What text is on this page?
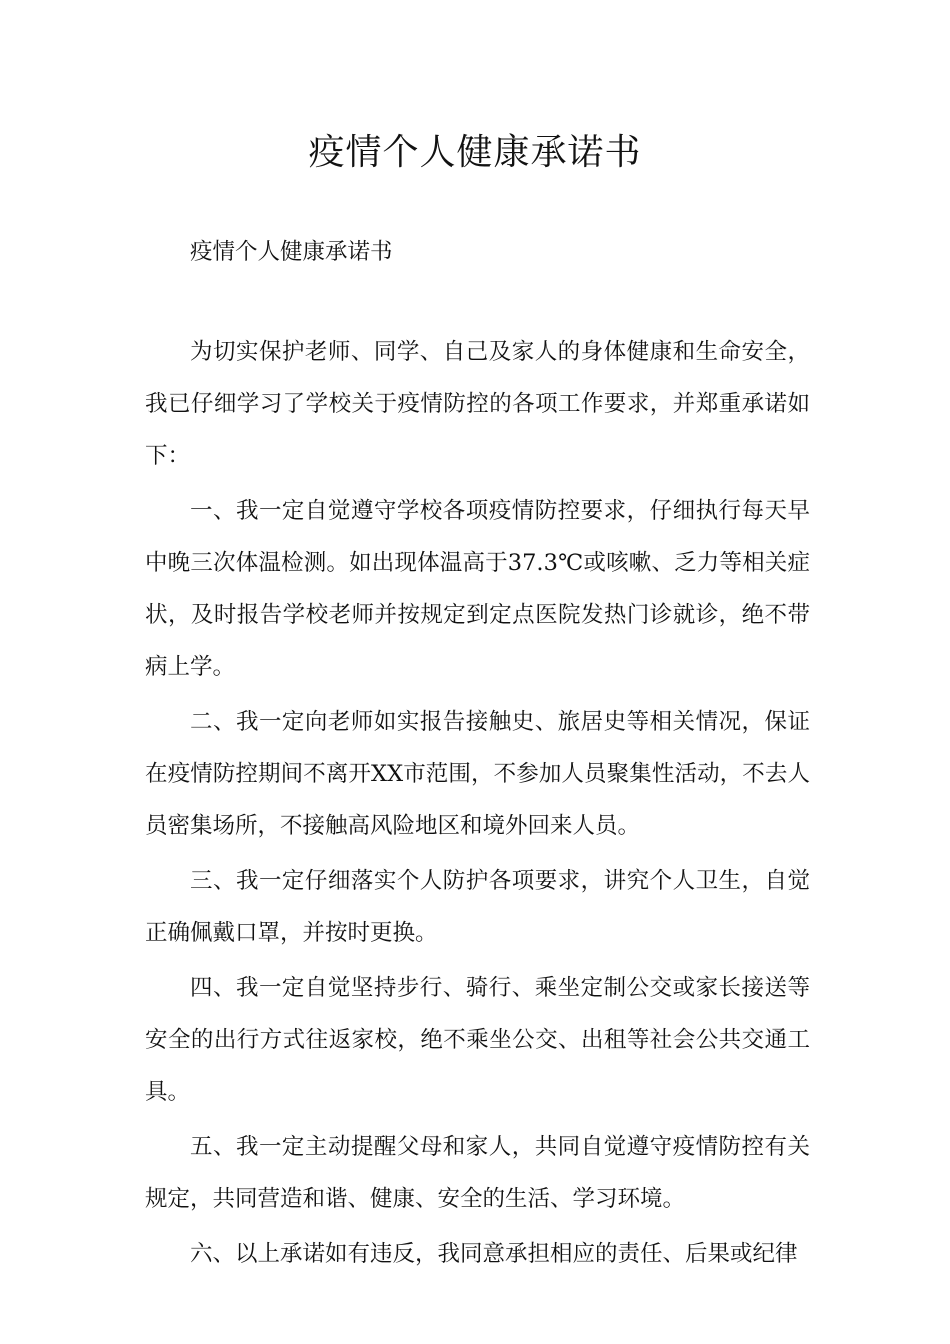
疫情个人健康承诺书
疫情个人健康承诺书

为切实保护老师、同学、自己及家人的身体健康和生命安全，我已仔细学习了学校关于疫情防控的各项工作要求，并郑重承诺如下：

一、我一定自觉遵守学校各项疫情防控要求，仔细执行每天早中晚三次体温检测。如出现体温高于37.3℃或咳嗽、乏力等相关症状，及时报告学校老师并按规定到定点医院发热门诊就诊，绝不带病上学。

二、我一定向老师如实报告接触史、旅居史等相关情况，保证在疫情防控期间不离开XX市范围，不参加人员聚集性活动，不去人员密集场所，不接触高风险地区和境外回来人员。

三、我一定仔细落实个人防护各项要求，讲究个人卫生，自觉正确佩戴口罩，并按时更换。

四、我一定自觉坚持步行、骑行、乘坐定制公交或家长接送等安全的出行方式往返家校，绝不乘坐公交、出租等社会公共交通工具。

五、我一定主动提醒父母和家人，共同自觉遵守疫情防控有关规定，共同营造和谐、健康、安全的生活、学习环境。

六、以上承诺如有违反，我同意承担相应的责任、后果或纪律
